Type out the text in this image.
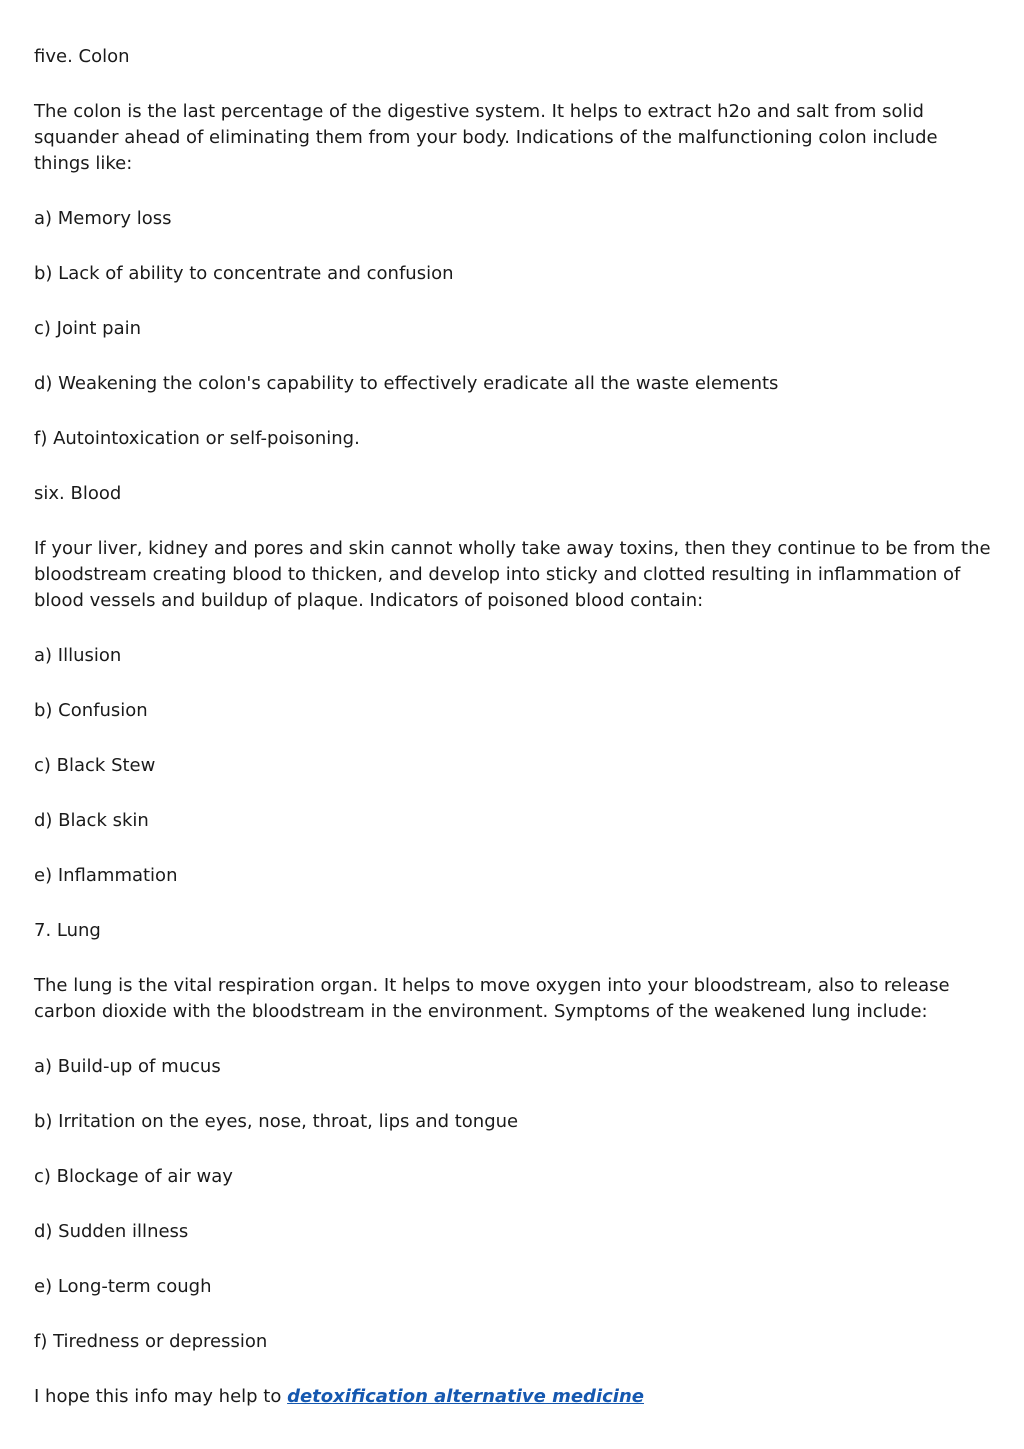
five. Colon

The colon is the last percentage of the digestive system. It helps to extract h2o and salt from solid squander ahead of eliminating them from your body. Indications of the malfunctioning colon include things like:

a) Memory loss

b) Lack of ability to concentrate and confusion

c) Joint pain

d) Weakening the colon's capability to effectively eradicate all the waste elements

f) Autointoxication or self-poisoning.

six. Blood

If your liver, kidney and pores and skin cannot wholly take away toxins, then they continue to be from the bloodstream creating blood to thicken, and develop into sticky and clotted resulting in inflammation of blood vessels and buildup of plaque. Indicators of poisoned blood contain:

a) Illusion

b) Confusion

c) Black Stew

d) Black skin

e) Inflammation

7. Lung

The lung is the vital respiration organ. It helps to move oxygen into your bloodstream, also to release carbon dioxide with the bloodstream in the environment. Symptoms of the weakened lung include:

a) Build-up of mucus

b) Irritation on the eyes, nose, throat, lips and tongue

c) Blockage of air way

d) Sudden illness

e) Long-term cough

f) Tiredness or depression

I hope this info may help to detoxification alternative medicine
